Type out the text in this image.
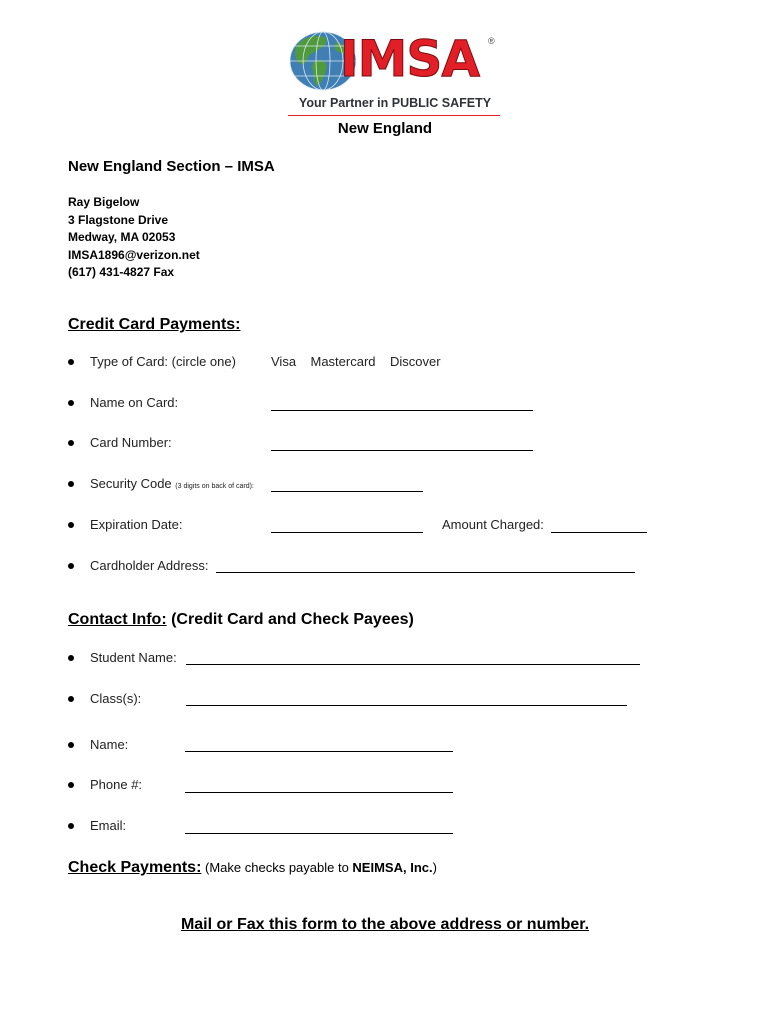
IMSA ®
Your Partner in PUBLIC SAFETY
New England
New England Section – IMSA
Ray Bigelow
3 Flagstone Drive
Medway, MA 02053
IMSA1896@verizon.net
(617) 431-4827 Fax
Credit Card Payments:
Type of Card: (circle one)	Visa    Mastercard    Discover
Name on Card:
Card Number:
Security Code (3 digits on back of card):
Expiration Date:	Amount Charged:
Cardholder Address:
Contact Info: (Credit Card and Check Payees)
Student Name:
Class(s):
Name:
Phone #:
Email:
Check Payments: (Make checks payable to NEIMSA, Inc.)
Mail or Fax this form to the above address or number.
